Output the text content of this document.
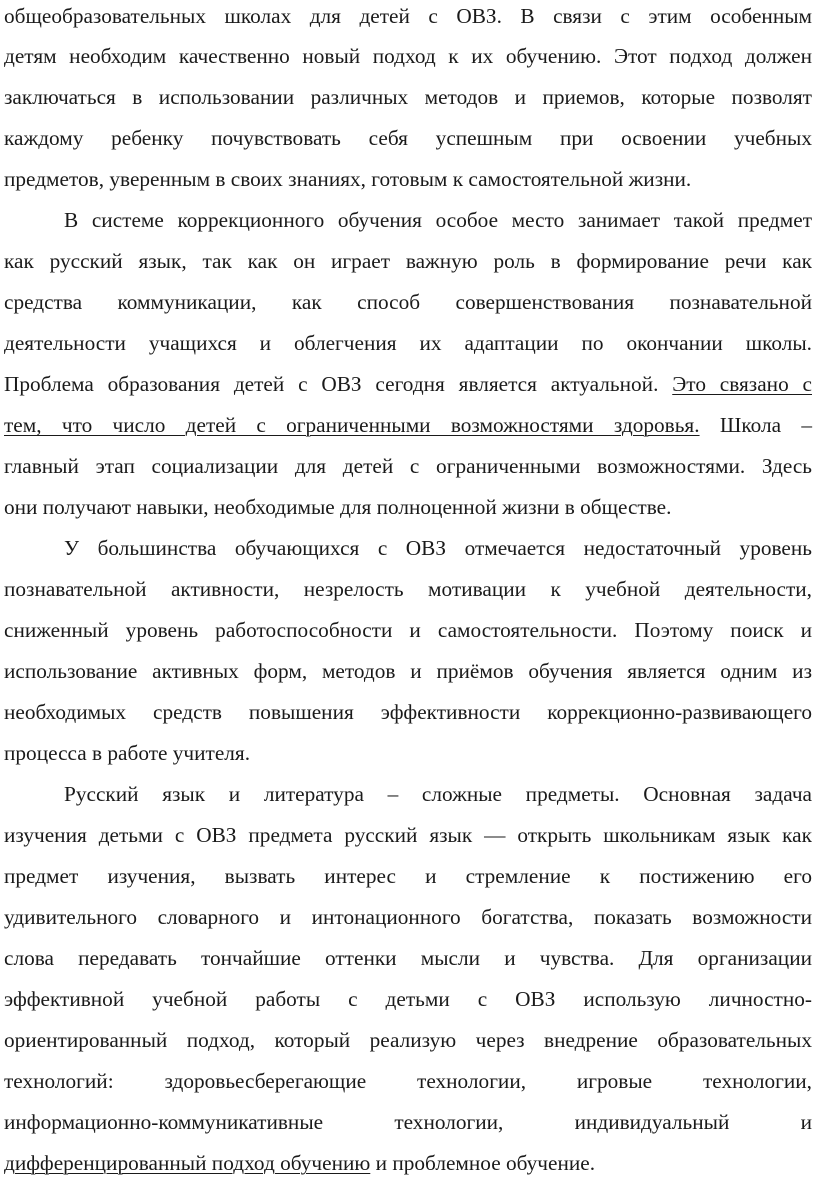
общеобразовательных школах для детей с ОВЗ. В связи с этим особенным
детям необходим качественно новый подход к их обучению. Этот подход должен
заключаться в использовании различных методов и приемов, которые позволят
каждому ребенку почувствовать себя успешным при освоении учебных
предметов, уверенным в своих знаниях, готовым к самостоятельной жизни.
В системе коррекционного обучения особое место занимает такой предмет
как русский язык, так как он играет важную роль в формирование речи как
средства коммуникации, как способ совершенствования познавательной
деятельности учащихся и облегчения их адаптации по окончании школы.
Проблема образования детей с ОВЗ сегодня является актуальной. Это связано с
тем, что число детей с ограниченными возможностями здоровья. Школа –
главный этап социализации для детей с ограниченными возможностями. Здесь
они получают навыки, необходимые для полноценной жизни в обществе.
У большинства обучающихся с ОВЗ отмечается недостаточный уровень
познавательной активности, незрелость мотивации к учебной деятельности,
сниженный уровень работоспособности и самостоятельности. Поэтому поиск и
использование активных форм, методов и приёмов обучения является одним из
необходимых средств повышения эффективности коррекционно-развивающего
процесса в работе учителя.
Русский язык и литература – сложные предметы. Основная задача
изучения детьми с ОВЗ предмета русский язык — открыть школьникам язык как
предмет изучения, вызвать интерес и стремление к постижению его
удивительного словарного и интонационного богатства, показать возможности
слова передавать тончайшие оттенки мысли и чувства. Для организации
эффективной учебной работы с детьми с ОВЗ использую личностно-
ориентированный подход, который реализую через внедрение образовательных
технологий: здоровьесберегающие технологии, игровые технологии,
информационно-коммуникативные технологии, индивидуальный и
дифференцированный подход обучению и проблемное обучение.
